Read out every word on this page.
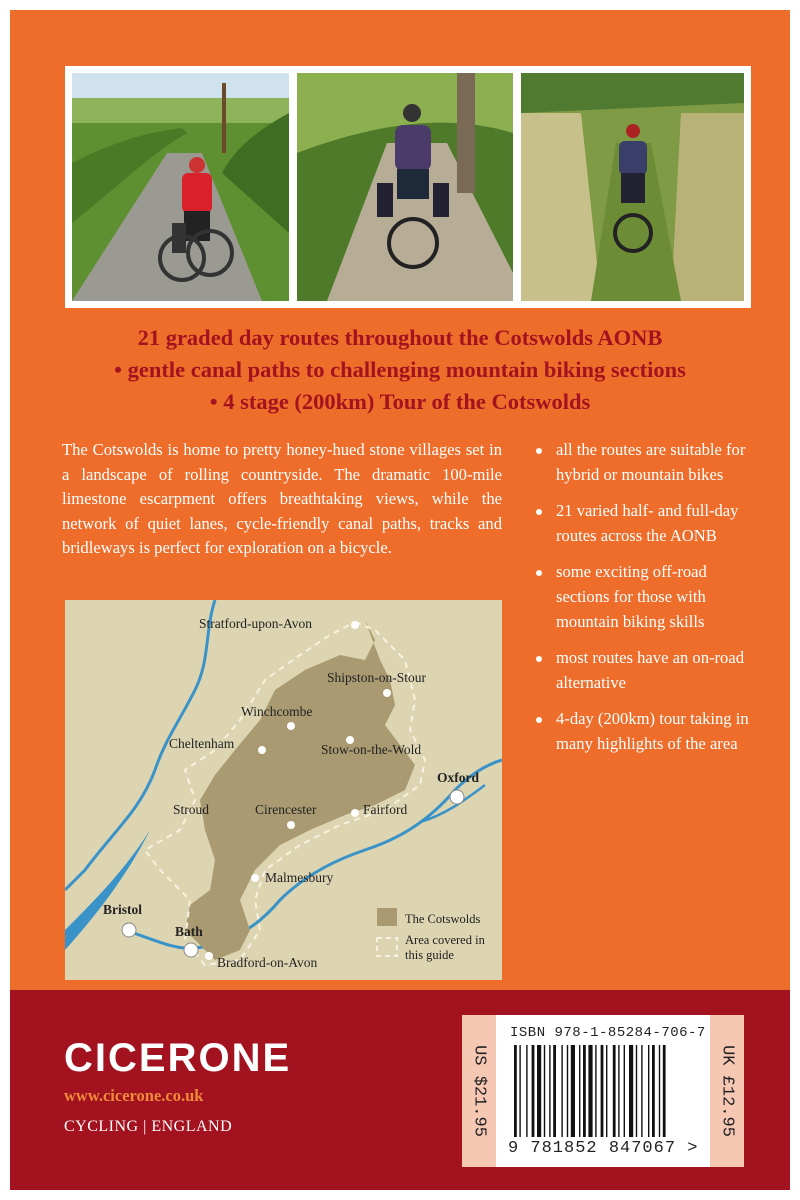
21 graded day routes throughout the Cotswolds AONB
• gentle canal paths to challenging mountain biking sections
• 4 stage (200km) Tour of the Cotswolds
The Cotswolds is home to pretty honey-hued stone villages set in a landscape of rolling countryside. The dramatic 100-mile limestone escarpment offers breathtaking views, while the network of quiet lanes, cycle-friendly canal paths, tracks and bridleways is perfect for exploration on a bicycle.
all the routes are suitable for hybrid or mountain bikes
21 varied half- and full-day routes across the AONB
some exciting off-road sections for those with mountain biking skills
most routes have an on-road alternative
4-day (200km) tour taking in many highlights of the area
Stratford-upon-Avon
Shipston-on-Stour
Winchcombe
Cheltenham	Stow-on-the-Wold
Oxford
Stroud	Cirencester	Fairford
Malmesbury
Bristol
Bath
Bradford-on-Avon
The Cotswolds
Area covered in this guide
CICERONE
www.cicerone.co.uk
CYCLING | ENGLAND	US $21.95	UK £12.95
ISBN 978-1-85284-706-7
9 781852 847067 >
